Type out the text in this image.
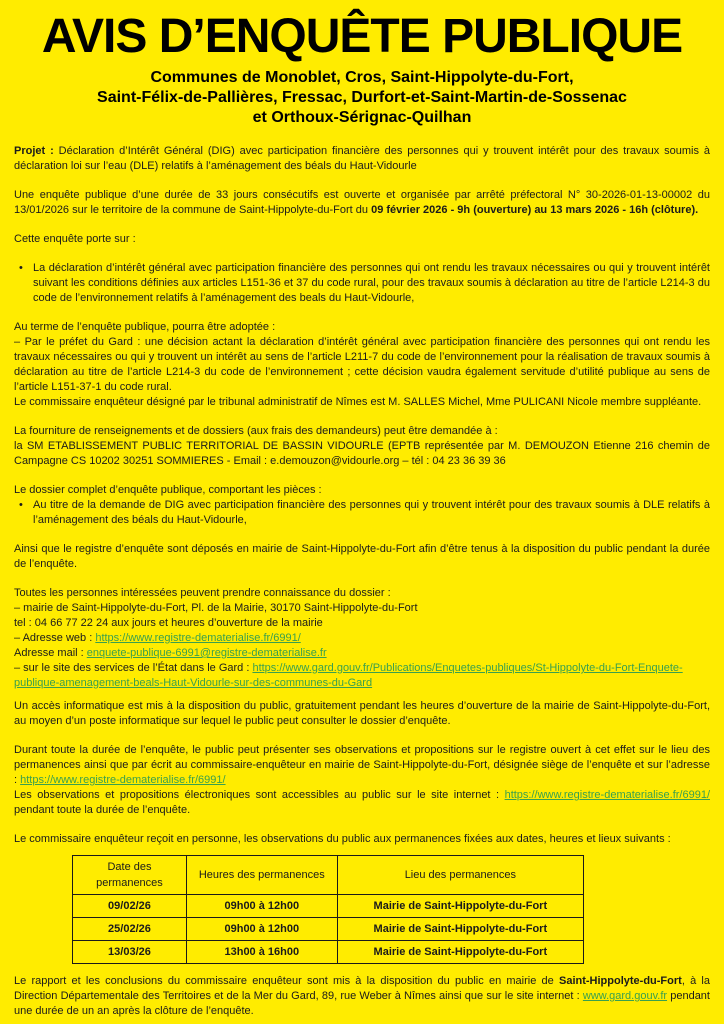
AVIS D’ENQUÊTE PUBLIQUE
Communes de Monoblet, Cros, Saint-Hippolyte-du-Fort,
Saint-Félix-de-Pallières, Fressac, Durfort-et-Saint-Martin-de-Sossenac
et Orthoux-Sérignac-Quilhan

Projet : Déclaration d’Intérêt Général (DIG) avec participation financière des personnes qui y trouvent intérêt pour des travaux soumis à déclaration loi sur l’eau (DLE) relatifs à l’aménagement des béals du Haut-Vidourle

Une enquête publique d’une durée de 33 jours consécutifs est ouverte et organisée par arrêté préfectoral N° 30-2026-01-13-00002 du 13/01/2026 sur le territoire de la commune de Saint-Hippolyte-du-Fort du 09 février 2026 - 9h (ouverture) au 13 mars 2026 - 16h (clôture).

Cette enquête porte sur :

• La déclaration d’intérêt général avec participation financière des personnes qui ont rendu les travaux nécessaires ou qui y trouvent intérêt suivant les conditions définies aux articles L151-36 et 37 du code rural, pour des travaux soumis à déclaration au titre de l’article L214-3 du code de l’environnement relatifs à l’aménagement des beals du Haut-Vidourle,

Au terme de l’enquête publique, pourra être adoptée :

– Par le préfet du Gard : une décision actant la déclaration d’intérêt général avec participation financière des personnes qui ont rendu les travaux nécessaires ou qui y trouvent un intérêt au sens de l’article L211-7 du code de l’environnement pour la réalisation de travaux soumis à déclaration au titre de l’article L214-3 du code de l’environnement ; cette décision vaudra également servitude d’utilité publique au sens de l’article L151-37-1 du code rural.

Le commissaire enquêteur désigné par le tribunal administratif de Nîmes est M. SALLES Michel, Mme PULICANI Nicole membre suppléante.

La fourniture de renseignements et de dossiers (aux frais des demandeurs) peut être demandée à :

la SM ETABLISSEMENT PUBLIC TERRITORIAL DE BASSIN VIDOURLE (EPTB représentée par M. DEMOUZON Etienne 216 chemin de Campagne CS 10202 30251 SOMMIERES - Email : e.demouzon@vidourle.org – tél : 04 23 36 39 36

Le dossier complet d’enquête publique, comportant les pièces :

• Au titre de la demande de DIG avec participation financière des personnes qui y trouvent intérêt pour des travaux soumis à DLE relatifs à l’aménagement des béals du Haut-Vidourle,

Ainsi que le registre d’enquête sont déposés en mairie de Saint-Hippolyte-du-Fort afin d’être tenus à la disposition du public pendant la durée de l’enquête.

Toutes les personnes intéressées peuvent prendre connaissance du dossier :

– mairie de Saint-Hippolyte-du-Fort, Pl. de la Mairie, 30170 Saint-Hippolyte-du-Fort

tel : 04 66 77 22 24 aux jours et heures d’ouverture de la mairie

– Adresse web : https://www.registre-dematerialise.fr/6991/

Adresse mail : enquete-publique-6991@registre-dematerialise.fr

– sur le site des services de l’État dans le Gard : https://www.gard.gouv.fr/Publications/Enquetes-publiques/St-Hippolyte-du-Fort-Enquete-publique-amenagement-beals-Haut-Vidourle-sur-des-communes-du-Gard

Un accès informatique est mis à la disposition du public, gratuitement pendant les heures d’ouverture de la mairie de Saint-Hippolyte-du-Fort, au moyen d’un poste informatique sur lequel le public peut consulter le dossier d’enquête.

Durant toute la durée de l’enquête, le public peut présenter ses observations et propositions sur le registre ouvert à cet effet sur le lieu des permanences ainsi que par écrit au commissaire-enquêteur en mairie de Saint-Hippolyte-du-Fort, désignée siège de l’enquête et sur l’adresse : https://www.registre-dematerialise.fr/6991/

Les observations et propositions électroniques sont accessibles au public sur le site internet : https://www.registre-dematerialise.fr/6991/ pendant toute la durée de l’enquête.

Le commissaire enquêteur reçoit en personne, les observations du public aux permanences fixées aux dates, heures et lieux suivants :

Date des permanences	Heures des permanences	Lieu des permanences
09/02/26	09h00 à 12h00	Mairie de Saint-Hippolyte-du-Fort
25/02/26	09h00 à 12h00	Mairie de Saint-Hippolyte-du-Fort
13/03/26	13h00 à 16h00	Mairie de Saint-Hippolyte-du-Fort

Le rapport et les conclusions du commissaire enquêteur sont mis à la disposition du public en mairie de Saint-Hippolyte-du-Fort, à la Direction Départementale des Territoires et de la Mer du Gard, 89, rue Weber à Nîmes ainsi que sur le site internet : www.gard.gouv.fr pendant une durée de un an après la clôture de l’enquête.
